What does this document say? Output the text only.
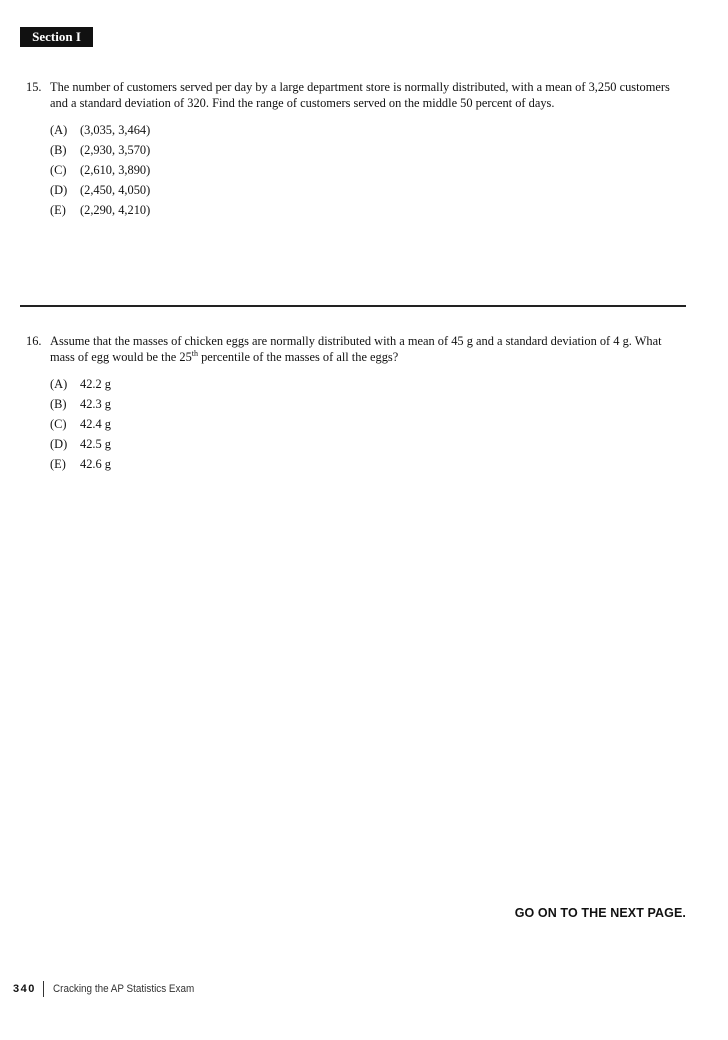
Section I
15. The number of customers served per day by a large department store is normally distributed, with a mean of 3,250 customers and a standard deviation of 320. Find the range of customers served on the middle 50 percent of days.
(A)	(3,035, 3,464)
(B)	(2,930, 3,570)
(C)	(2,610, 3,890)
(D)	(2,450, 4,050)
(E)	(2,290, 4,210)
16. Assume that the masses of chicken eggs are normally distributed with a mean of 45 g and a standard deviation of 4 g. What mass of egg would be the 25th percentile of the masses of all the eggs?
(A)	42.2 g
(B)	42.3 g
(C)	42.4 g
(D)	42.5 g
(E)	42.6 g
GO ON TO THE NEXT PAGE.
340 Cracking the AP Statistics Exam
